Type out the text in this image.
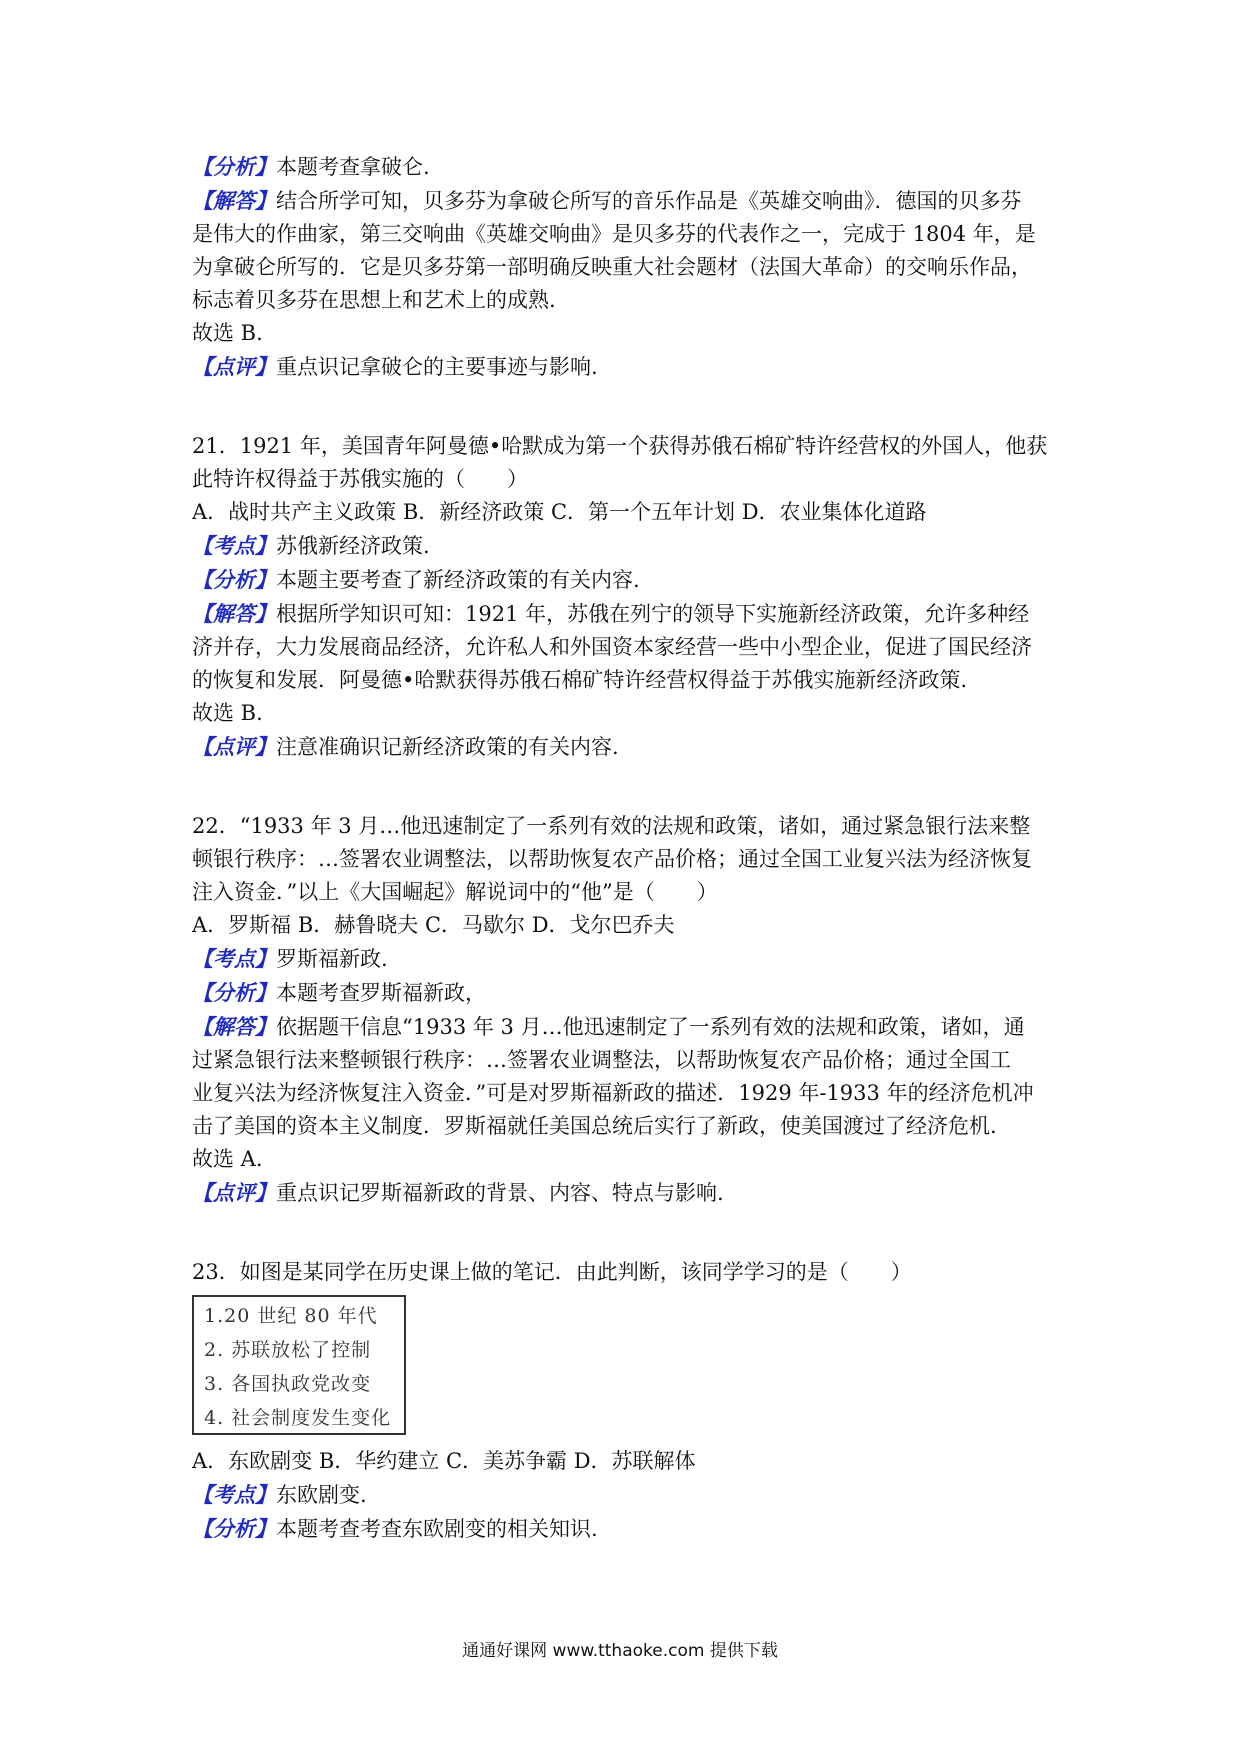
【分析】本题考查拿破仑.
【解答】结合所学可知，贝多芬为拿破仑所写的音乐作品是《英雄交响曲》．德国的贝多芬
是伟大的作曲家，第三交响曲《英雄交响曲》是贝多芬的代表作之一，完成于 1804 年，是
为拿破仑所写的．它是贝多芬第一部明确反映重大社会题材（法国大革命）的交响乐作品，
标志着贝多芬在思想上和艺术上的成熟.
故选 B.
【点评】重点识记拿破仑的主要事迹与影响.
21．1921 年，美国青年阿曼德•哈默成为第一个获得苏俄石棉矿特许经营权的外国人，他获
此特许权得益于苏俄实施的（　　）
A．战时共产主义政策 B．新经济政策 C．第一个五年计划 D．农业集体化道路
【考点】苏俄新经济政策.
【分析】本题主要考查了新经济政策的有关内容.
【解答】根据所学知识可知：1921 年，苏俄在列宁的领导下实施新经济政策，允许多种经
济并存，大力发展商品经济，允许私人和外国资本家经营一些中小型企业，促进了国民经济
的恢复和发展．阿曼德•哈默获得苏俄石棉矿特许经营权得益于苏俄实施新经济政策.
故选 B.
【点评】注意准确识记新经济政策的有关内容.
22．“1933 年 3 月…他迅速制定了一系列有效的法规和政策，诸如，通过紧急银行法来整
顿银行秩序：…签署农业调整法，以帮助恢复农产品价格；通过全国工业复兴法为经济恢复
注入资金．”以上《大国崛起》解说词中的“他”是（　　）
A．罗斯福 B．赫鲁晓夫 C．马歇尔 D．戈尔巴乔夫
【考点】罗斯福新政.
【分析】本题考查罗斯福新政，
【解答】依据题干信息“1933 年 3 月…他迅速制定了一系列有效的法规和政策，诸如，通
过紧急银行法来整顿银行秩序：…签署农业调整法，以帮助恢复农产品价格；通过全国工
业复兴法为经济恢复注入资金．”可是对罗斯福新政的描述．1929 年-1933 年的经济危机冲
击了美国的资本主义制度．罗斯福就任美国总统后实行了新政，使美国渡过了经济危机.
故选 A.
【点评】重点识记罗斯福新政的背景、内容、特点与影响.
23．如图是某同学在历史课上做的笔记．由此判断，该同学学习的是（　　）
1.20 世纪 80 年代
2. 苏联放松了控制
3. 各国执政党改变
4. 社会制度发生变化
A．东欧剧变 B．华约建立 C．美苏争霸 D．苏联解体
【考点】东欧剧变.
【分析】本题考查考查东欧剧变的相关知识.
通通好课网 www.tthaoke.com 提供下载
